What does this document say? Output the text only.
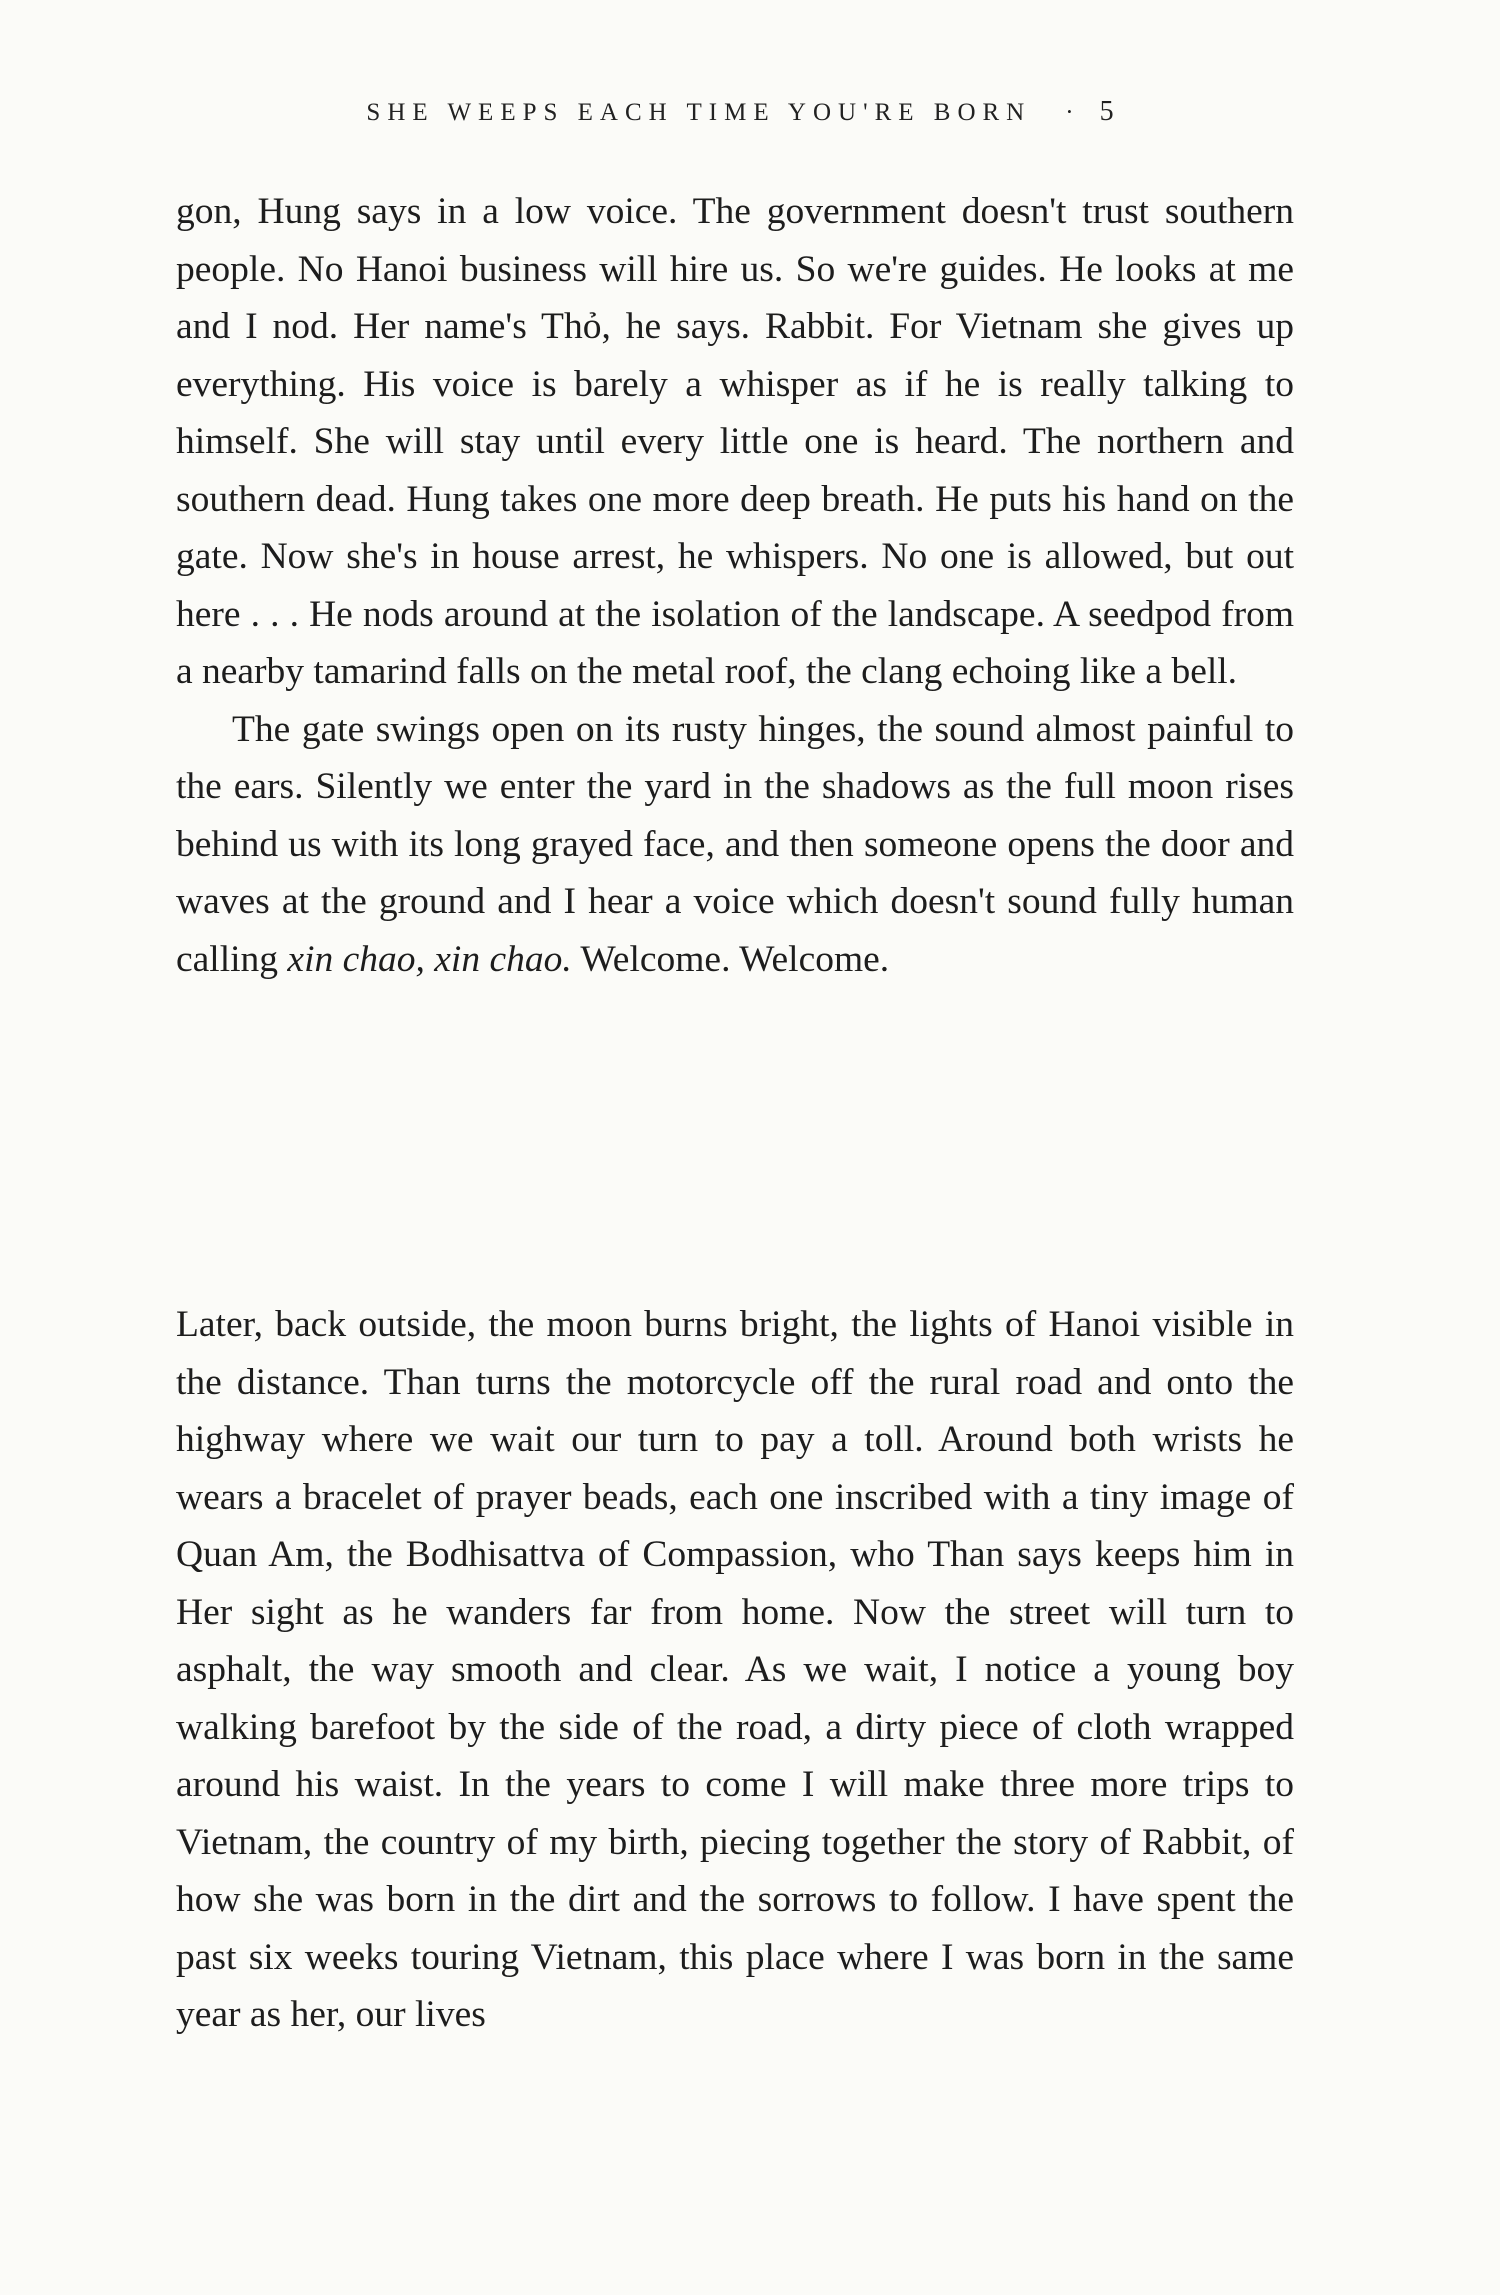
SHE WEEPS EACH TIME YOU'RE BORN · 5

gon, Hung says in a low voice. The government doesn't trust southern people. No Hanoi business will hire us. So we're guides. He looks at me and I nod. Her name's Thỏ, he says. Rabbit. For Vietnam she gives up everything. His voice is barely a whisper as if he is really talking to himself. She will stay until every little one is heard. The northern and southern dead. Hung takes one more deep breath. He puts his hand on the gate. Now she's in house arrest, he whispers. No one is allowed, but out here . . . He nods around at the isolation of the landscape. A seedpod from a nearby tamarind falls on the metal roof, the clang echoing like a bell.

The gate swings open on its rusty hinges, the sound almost painful to the ears. Silently we enter the yard in the shadows as the full moon rises behind us with its long grayed face, and then someone opens the door and waves at the ground and I hear a voice which doesn't sound fully human calling xin chao, xin chao. Welcome. Welcome.

Later, back outside, the moon burns bright, the lights of Hanoi visible in the distance. Than turns the motorcycle off the rural road and onto the highway where we wait our turn to pay a toll. Around both wrists he wears a bracelet of prayer beads, each one inscribed with a tiny image of Quan Am, the Bodhisattva of Compassion, who Than says keeps him in Her sight as he wanders far from home. Now the street will turn to asphalt, the way smooth and clear. As we wait, I notice a young boy walking barefoot by the side of the road, a dirty piece of cloth wrapped around his waist. In the years to come I will make three more trips to Vietnam, the country of my birth, piecing together the story of Rabbit, of how she was born in the dirt and the sorrows to follow. I have spent the past six weeks touring Vietnam, this place where I was born in the same year as her, our lives
